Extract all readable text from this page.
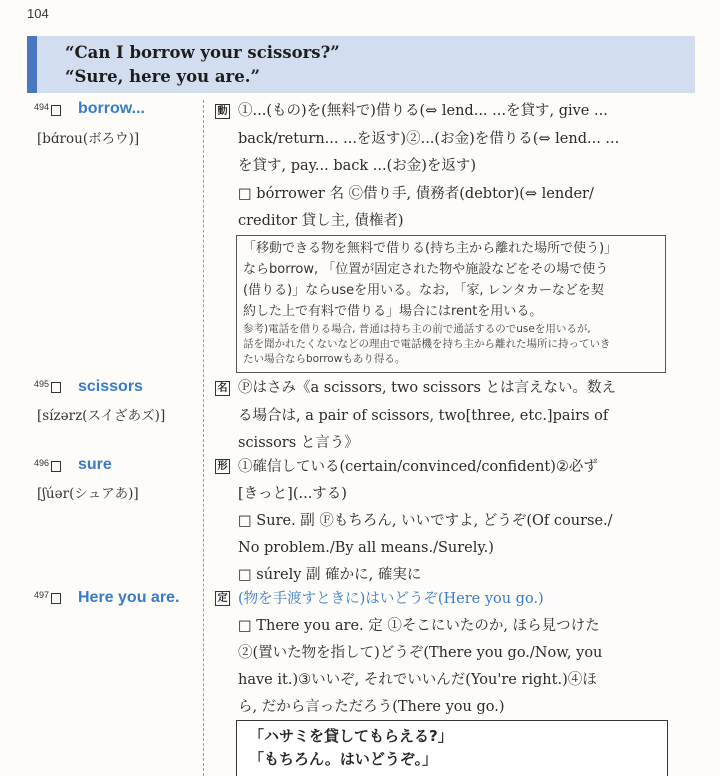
104
“Can I borrow your scissors?”
“Sure, here you are.”
494 borrow...
[bɑ́rou(ボろウ)]
動 ①...(もの)を(無料で)借りる(⇔ lend... ...を貸す, give ...
back/return... ...を返す)②...(お金)を借りる(⇔ lend... ...
を貸す, pay... back ...(お金)を返す)
□ bórrower 名 Ⓒ借り手, 債務者(debtor)(⇔ lender/
creditor 貸し主, 債権者)
「移動できる物を無料で借りる(持ち主から離れた場所で使う)」
ならborrow, 「位置が固定された物や施設などをその場で使う
(借りる)」ならuseを用いる。なお, 「家, レンタカーなどを契
約した上で有料で借りる」場合にはrentを用いる。
参考)電話を借りる場合, 普通は持ち主の前で通話するのでuseを用いるが,
話を聞かれたくないなどの理由で電話機を持ち主から離れた場所に持っていき
たい場合ならborrowもあり得る。
495 scissors
[sízərz(スイざあズ)]
名 Ⓟはさみ《a scissors, two scissors とは言えない。数え
る場合は, a pair of scissors, two[three, etc.]pairs of
scissors と言う》
496 sure
[ʃúər(シュアあ)]
形 ①確信している(certain/convinced/confident)②必ず
[きっと](...する)
□ Sure. 副 Ⓕもちろん, いいですよ, どうぞ(Of course./
No problem./By all means./Surely.)
□ súrely 副 確かに, 確実に
497 Here you are.	定 (物を手渡すときに)はいどうぞ(Here you go.)
□ There you are. 定 ①そこにいたのか, ほら見つけた
②(置いた物を指して)どうぞ(There you go./Now, you
have it.)③いいぞ, それでいいんだ(You're right.)④ほ
ら, だから言っただろう(There you go.)
「ハサミを貸してもらえる?」
「もちろん。はいどうぞ。」
